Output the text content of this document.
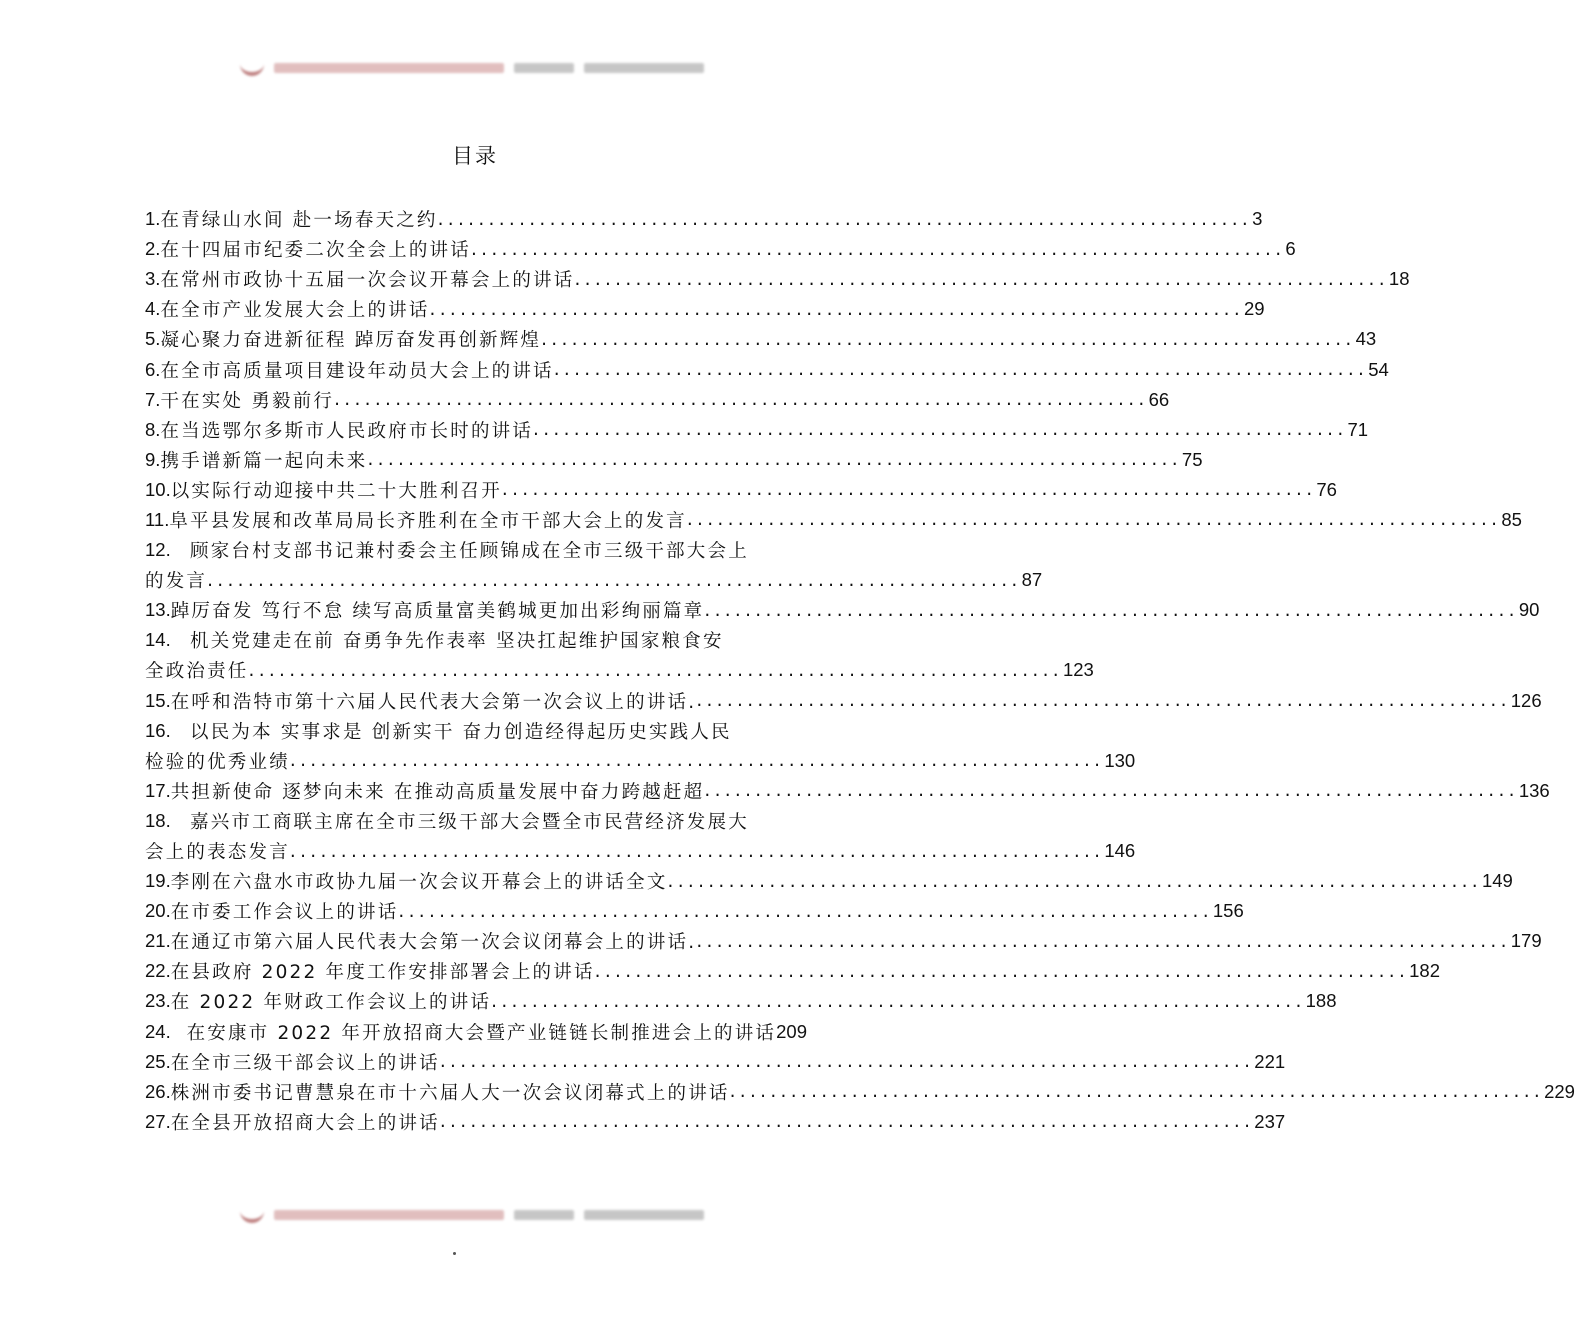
目录
1. 在青绿山水间 赴一场春天之约 ................................................................................ 3
2. 在十四届市纪委二次全会上的讲话 ................................................................................ 6
3. 在常州市政协十五届一次会议开幕会上的讲话 ................................................................................ 18
4. 在全市产业发展大会上的讲话 ................................................................................ 29
5. 凝心聚力奋进新征程 踔厉奋发再创新辉煌 ................................................................................ 43
6. 在全市高质量项目建设年动员大会上的讲话 ................................................................................ 54
7. 干在实处 勇毅前行 ................................................................................ 66
8. 在当选鄂尔多斯市人民政府市长时的讲话 ................................................................................ 71
9. 携手谱新篇一起向未来 ................................................................................ 75
10. 以实际行动迎接中共二十大胜利召开 ................................................................................ 76
11. 阜平县发展和改革局局长齐胜利在全市干部大会上的发言 ................................................................................ 85
12.	顾家台村支部书记兼村委会主任顾锦成在全市三级干部大会上
的发言 ................................................................................ 87
13. 踔厉奋发 笃行不怠 续写高质量富美鹤城更加出彩绚丽篇章 ................................................................................ 90
14.	机关党建走在前 奋勇争先作表率 坚决扛起维护国家粮食安
全政治责任 ................................................................................ 123
15. 在呼和浩特市第十六届人民代表大会第一次会议上的讲话. ................................................................................ 126
16.	以民为本 实事求是 创新实干 奋力创造经得起历史实践人民
检验的优秀业绩 ................................................................................ 130
17. 共担新使命 逐梦向未来 在推动高质量发展中奋力跨越赶超 ................................................................................ 136
18.	嘉兴市工商联主席在全市三级干部大会暨全市民营经济发展大
会上的表态发言 ................................................................................ 146
19. 李刚在六盘水市政协九届一次会议开幕会上的讲话全文 ................................................................................ 149
20. 在市委工作会议上的讲话 ................................................................................ 156
21. 在通辽市第六届人民代表大会第一次会议闭幕会上的讲话. ................................................................................ 179
22. 在县政府 2022 年度工作安排部署会上的讲话 ................................................................................ 182
23. 在 2022 年财政工作会议上的讲话 ................................................................................ 188
24. 在安康市 2022 年开放招商大会暨产业链链长制推进会上的讲话 209
25. 在全市三级干部会议上的讲话 ................................................................................ 221
26. 株洲市委书记曹慧泉在市十六届人大一次会议闭幕式上的讲话 ................................................................................ 229
27. 在全县开放招商大会上的讲话 ................................................................................ 237
